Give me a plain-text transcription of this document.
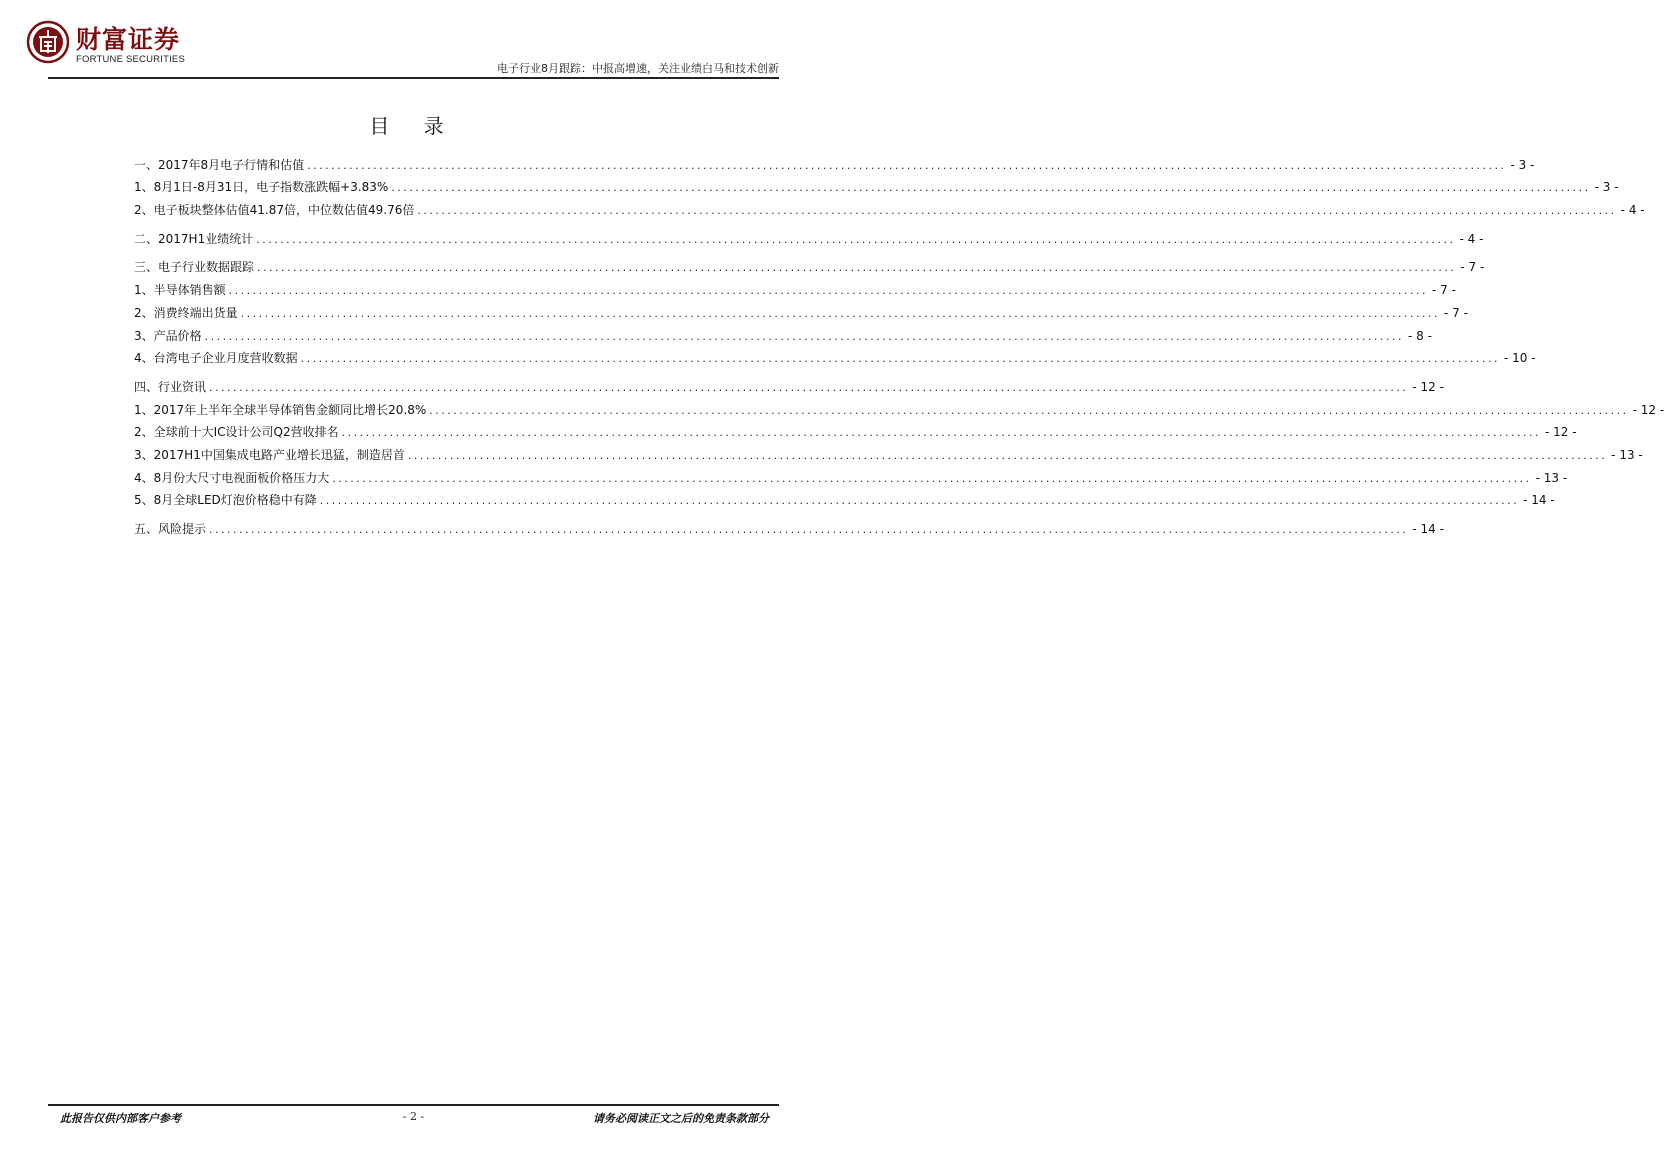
财富证券
FORTUNE SECURITIES
电子行业8月跟踪：中报高增速，关注业绩白马和技术创新
目 录
一、2017年8月电子行情和估值 ........................................................................................................................................................................................................ - 3 -
1、8月1日-8月31日，电子指数涨跌幅+3.83% ........................................................................................................................................................................................................ - 3 -
2、电子板块整体估值41.87倍，中位数估值49.76倍 ........................................................................................................................................................................................................ - 4 -
二、2017H1业绩统计 ........................................................................................................................................................................................................ - 4 -
三、电子行业数据跟踪 ........................................................................................................................................................................................................ - 7 -
1、半导体销售额 ........................................................................................................................................................................................................ - 7 -
2、消费终端出货量 ........................................................................................................................................................................................................ - 7 -
3、产品价格 ........................................................................................................................................................................................................ - 8 -
4、台湾电子企业月度营收数据 ........................................................................................................................................................................................................ - 10 -
四、行业资讯 ........................................................................................................................................................................................................ - 12 -
1、2017年上半年全球半导体销售金额同比增长20.8% ........................................................................................................................................................................................................ - 12 -
2、全球前十大IC设计公司Q2营收排名 ........................................................................................................................................................................................................ - 12 -
3、2017H1中国集成电路产业增长迅猛，制造居首 ........................................................................................................................................................................................................ - 13 -
4、8月份大尺寸电视面板价格压力大 ........................................................................................................................................................................................................ - 13 -
5、8月全球LED灯泡价格稳中有降 ........................................................................................................................................................................................................ - 14 -
五、风险提示 ........................................................................................................................................................................................................ - 14 -
此报告仅供内部客户参考	- 2 -	请务必阅读正文之后的免责条款部分
